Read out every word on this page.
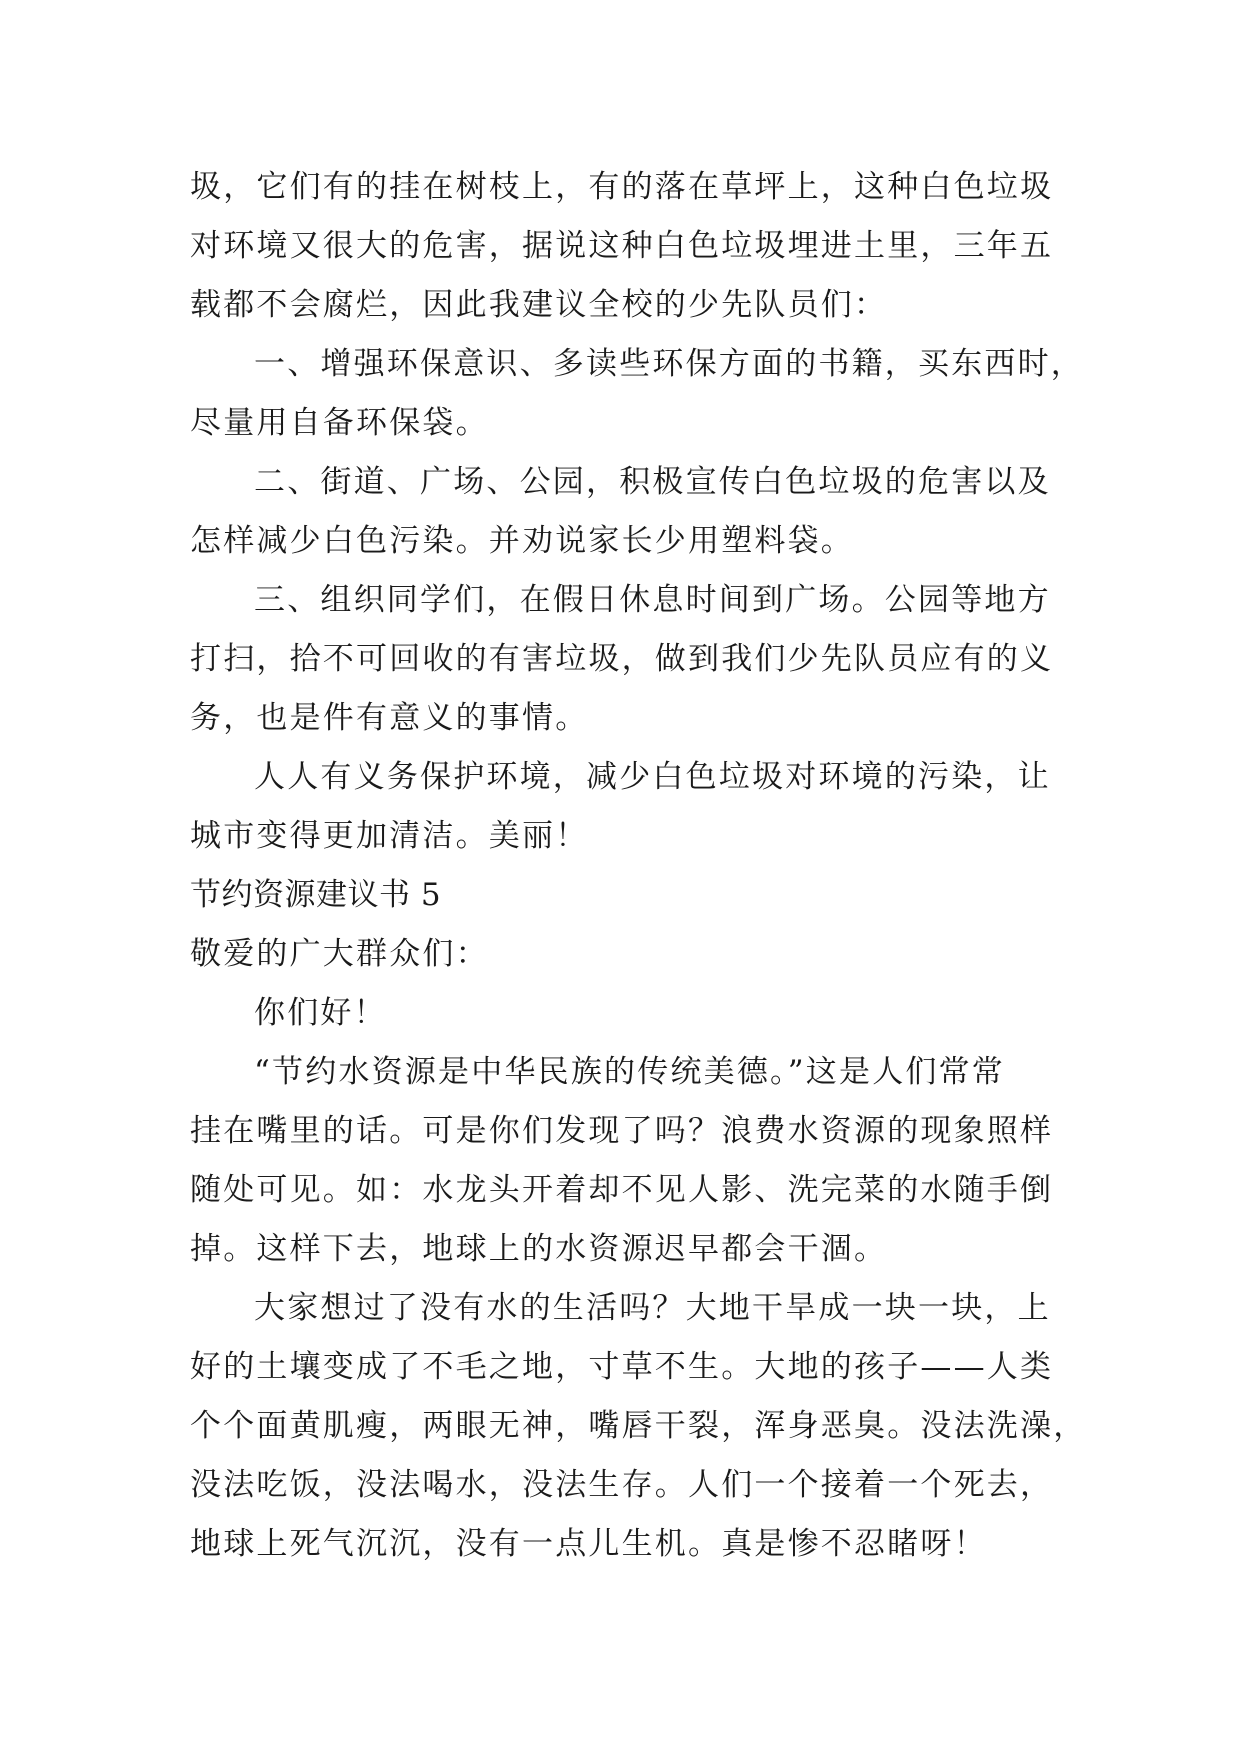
圾，它们有的挂在树枝上，有的落在草坪上，这种白色垃圾
对环境又很大的危害，据说这种白色垃圾埋进土里，三年五
载都不会腐烂，因此我建议全校的少先队员们：
一、增强环保意识、多读些环保方面的书籍，买东西时，
尽量用自备环保袋。
二、街道、广场、公园，积极宣传白色垃圾的危害以及
怎样减少白色污染。并劝说家长少用塑料袋。
三、组织同学们，在假日休息时间到广场。公园等地方
打扫，拾不可回收的有害垃圾，做到我们少先队员应有的义
务，也是件有意义的事情。
人人有义务保护环境，减少白色垃圾对环境的污染，让
城市变得更加清洁。美丽！
节约资源建议书 5
敬爱的广大群众们：
你们好！
“节约水资源是中华民族的传统美德。”这是人们常常
挂在嘴里的话。可是你们发现了吗？浪费水资源的现象照样
随处可见。如：水龙头开着却不见人影、洗完菜的水随手倒
掉。这样下去，地球上的水资源迟早都会干涸。
大家想过了没有水的生活吗？大地干旱成一块一块，上
好的土壤变成了不毛之地，寸草不生。大地的孩子——人类
个个面黄肌瘦，两眼无神，嘴唇干裂，浑身恶臭。没法洗澡，
没法吃饭，没法喝水，没法生存。人们一个接着一个死去，
地球上死气沉沉，没有一点儿生机。真是惨不忍睹呀！
